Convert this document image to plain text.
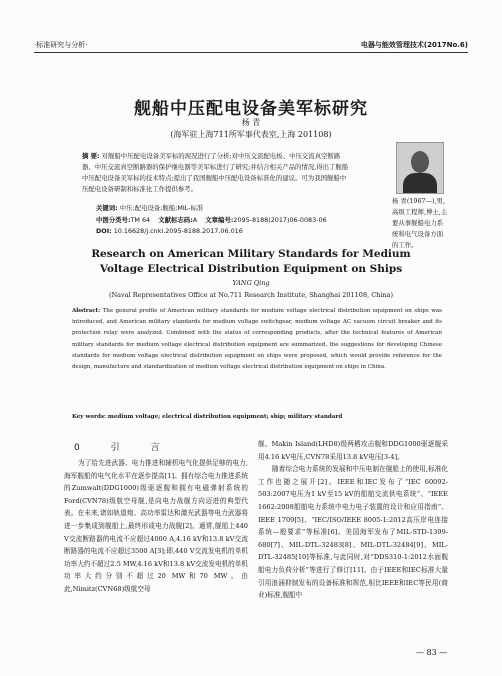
·标准研究与分析·	电器与能效管理技术(2017No.6)
舰船中压配电设备美军标研究
杨 青
(海军驻上海711所军事代表室,上海 201108)
摘 要: 对舰船中压配电设备美军标的现况进行了分析;对中压交流配电板、中压交流真空断路器、中压交流真空断路器的保护继电器等美军标进行了研究;并结合相关产品的情况,得出了舰船中压配电设备美军标的技术特点;提出了我国舰船中压配电设备标准化的建议。可为我国舰船中压配电设备研制和标准化工作提供参考。
关键词: 中压;配电设备;舰船;MIL-标准
中图分类号:TM 64 文献标志码:A 文章编号:2095-8188(2017)06-0083-06
DOI: 10.16628/j.cnki.2095-8188.2017.06.016
杨 青(1967—),男,高级工程师,博士,主要从事舰船电力系统和电气设备方面的工作。
Research on American Military Standards for Medium
Voltage Electrical Distribution Equipment on Ships
YANG Qing
(Naval Representatives Office at No.711 Research Institute, Shanghai 201108, China)
Abstract: The general profile of American military standards for medium voltage electrical distribution equipment on ships was introduced, and American military standards for medium voltage switchgear, medium voltage AC vacuum circuit breaker and its protection relay were analyzed. Combined with the status of corresponding products, after the technical features of American military standards for medium voltage electrical distribution equipment are summarized, the suggestions for developing Chinese standards for medium voltage electrical distribution equipment on ships were proposed, which would provide reference for the design, manufacture and standardization of medium voltage electrical distribution equipment on ships in China.
Key words: medium voltage; electrical distribution equipment; ship; military standard
0 引 言
为了给先进武器、电力推进和辅机电气化提供足够的电力,海军舰船的电气化水平在逐步提高[1]。拥有综合电力推进系统的Zumwalt(DDG1000)级驱逐舰和拥有电磁弹射系统的Ford(CVN78)级航空母舰,是向电力战舰方向迈进的典型代表。在未来,诸如轨道炮、高功率雷达和激光武器等电力武器将进一步集成到舰船上,最终形成电力战舰[2]。通常,舰船上440 V交流断路器的电流不应超过4000 A,4.16 kV和13.8 kV交流断路器的电流不应超过3500 A[3];即,440 V交流发电机的单机功率大约不超过2.5 MW,4.16 kV和13.8 kV交流发电机的单机功率大约分别不超过20 MW和70 MW。由此,Nimitz(CVN68)级航空母

舰、Makin Island(LHD8)级两栖攻击舰和DDG1000驱逐舰采用4.16 kV电压,CVN78采用13.8 kV电压[3-4]。

随着综合电力系统的发展和中压电制在舰船上的使用,标准化工作也随之展开[2]。IEEE和IEC发布了“IEC 60092-503:2007电压为1 kV至15 kV的船舶交流供电系统”、“IEEE 1662:2008船舶电力系统中电力电子装置的设计和应用指南”、IEEE 1709[5]、“IEC/ISO/IEEE 8005-1:2012高压岸电连接系统—般要求”等标准[6]。美国海军发布了MIL-STD-1399-680[7]、MIL-DTL-32483[8]、MIL-DTL-32484[9]、MIL-DTL-32485[10]等标准,与此同时,对“DDS310-1:2012水面舰船电力负荷分析”等进行了修订[11]。由于IEEE和IEC标准大量引用浪涌抑制发布的设备标准和规范,相比IEEE和IEC等民用(商业)标准,舰船中

— 83 —
